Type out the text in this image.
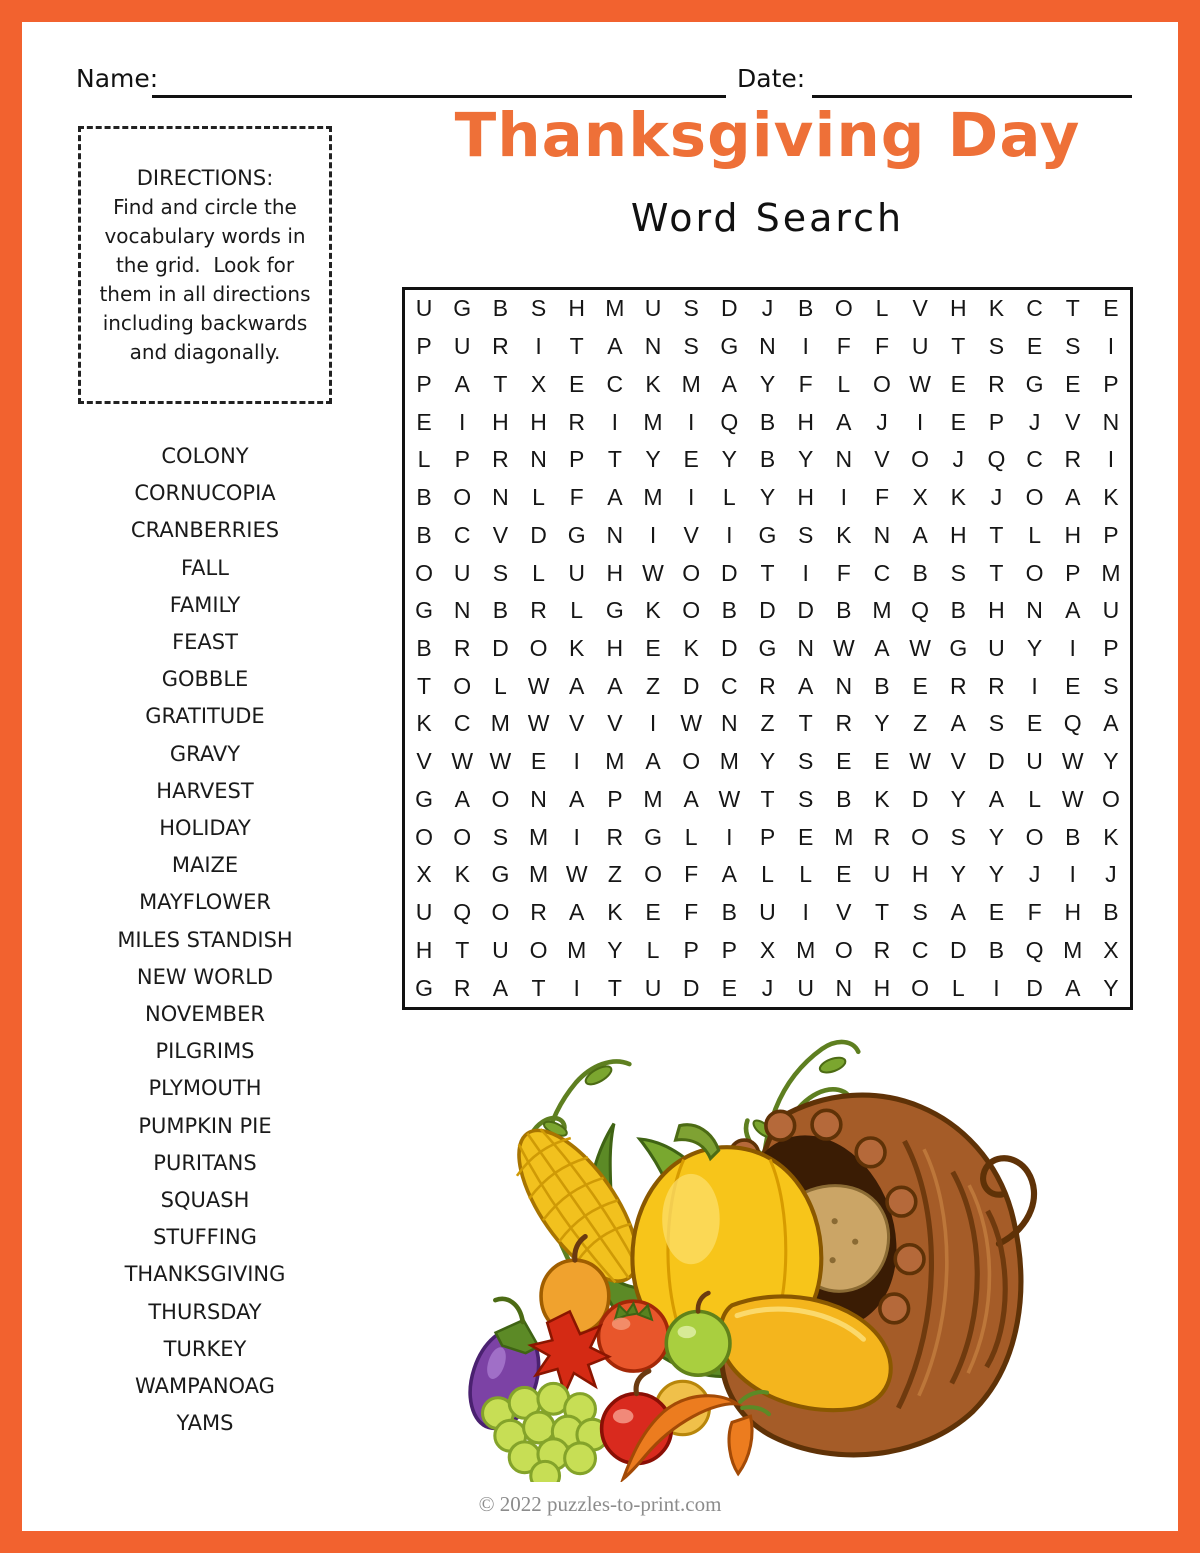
Name:	Date:
Thanksgiving Day
Word Search
DIRECTIONS:
Find and circle the vocabulary words in the grid.  Look for them in all directions including backwards and diagonally.
COLONY
CORNUCOPIA
CRANBERRIES
FALL
FAMILY
FEAST
GOBBLE
GRATITUDE
GRAVY
HARVEST
HOLIDAY
MAIZE
MAYFLOWER
MILES STANDISH
NEW WORLD
NOVEMBER
PILGRIMS
PLYMOUTH
PUMPKIN PIE
PURITANS
SQUASH
STUFFING
THANKSGIVING
THURSDAY
TURKEY
WAMPANOAG
YAMS
U G B S H M U S D	J	B O L	V H K C T	E
P U R	I	T	A N S G N	I	F	F U T	S E S	I
P A	T	X E C K M A Y	F	L O W E R G E P
E	I	H H R	I	M	I	Q B H A	J	I	E P	J	V N
L	P R N P	T	Y E Y B Y N V O	J	Q C R	I
B O N	L	F	A M	I	L	Y H	I	F	X K	J	O A K
B C V D G N	I	V	I	G S K N A H T	L	H P
O U S	L	U H W O D T	I	F C B S	T O P M
G N B R	L G K O B D D B M Q B H N A U
B R D O K H E K D G N W A W G U Y	I	P
T O L W A A	Z D C R A N B E R R	I	E S
K C M W V V	I	W N Z	T R Y	Z	A S E Q A
V W W E	I	M A O M Y S E E W V D U W Y
G A O N A P M A W T	S B K D Y A	L W O
O O S M	I	R G L	I	P E M R O S Y O B K
X K G M W Z O F	A	L	L	E U H Y Y	J	I	J
U Q O R A K E	F	B U	I	V	T	S A E	F H B
H T U O M Y	L	P P X M O R C D B Q M X
G R A	T	I	T U D E	J	U N H O L	I	D A Y
© 2022 puzzles-to-print.com
